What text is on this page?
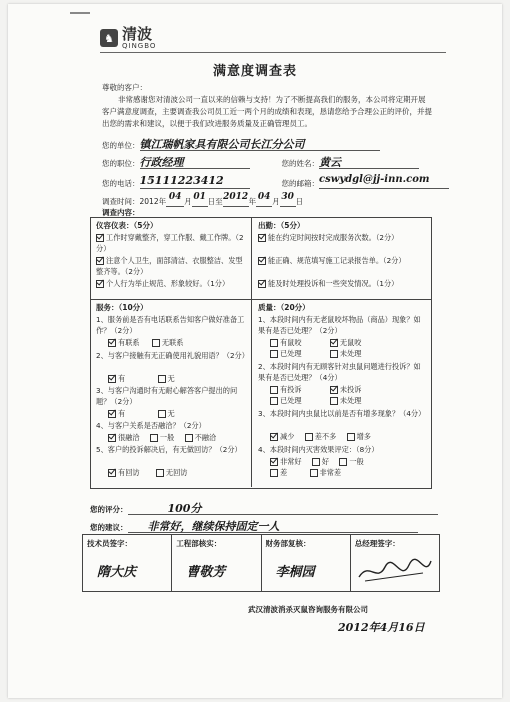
♞ 清波
QINGBO
满意度调查表
尊敬的客户：
非常感谢您对清波公司一直以来的信赖与支持！为了不断提高我们的服务，本公司将定期开展客户满意度调查，主要调查我公司员工近一两个月的成绩和表现，恳请您给予合理公正的评价，并提出您的需求和建议，以便于我们改进服务质量及正确管理员工。
您的单位： 镇江瑞帆家具有限公司长江分公司
您的职位： 行政经理	您的姓名： 黄云
您的电话： 15111223412	您的邮箱： cswydgl@jj-inn.com
调查时间： 2012年 04 月 01 日至 2012 年 04 月 30 日
调查内容：
仪容仪表：（5分）
工作时穿戴整齐，穿工作服、戴工作牌。（2分）
注意个人卫生，面部清洁、衣服整洁、发型整齐等。（2分）
个人行为举止规范、形象较好。（1分）
出勤：（5分）
能在约定时间按时完成服务次数。（2分）
能正确、规范填写施工记录报告单。（2分）
能及时处理投诉和一些突发情况。（1分）
服务：（10分）
1、服务前是否有电话联系告知客户做好准备工作？（2分）
有联系	无联系
2、与客户接触有无正确使用礼貌用语？（2分）
有	无
3、与客户沟通时有无耐心解答客户提出的问题？（2分）
有	无
4、与客户关系是否融洽？（2分）
很融洽	一般	不融洽
5、客户的投诉解决后，有无做回访？（2分）
有回访	无回访
质量：（20分）
1、本段时间内有无老鼠咬坏物品（商品）现象？如果有是否已处理？（2分）
有鼠咬	无鼠咬
已处理	未处理
2、本段时间内有无顾客针对虫鼠问题进行投诉？如果有是否已处理？（4分）
有投诉	未投诉
已处理	未处理
3、本段时间内虫鼠比以前是否有增多现象？（4分）
减少	差不多	增多
4、本段时间内灭害效果评定：（8分）
非常好	好	一般
差	非常差
您的评分：	100分
您的建议：	非常好，继续保持固定一人
技术员签字：
隋大庆
工程部核实：
曹敬芳
财务部复核：
李桐园
总经理签字：
武汉清波消杀灭鼠咨询服务有限公司
2012年4月16日
